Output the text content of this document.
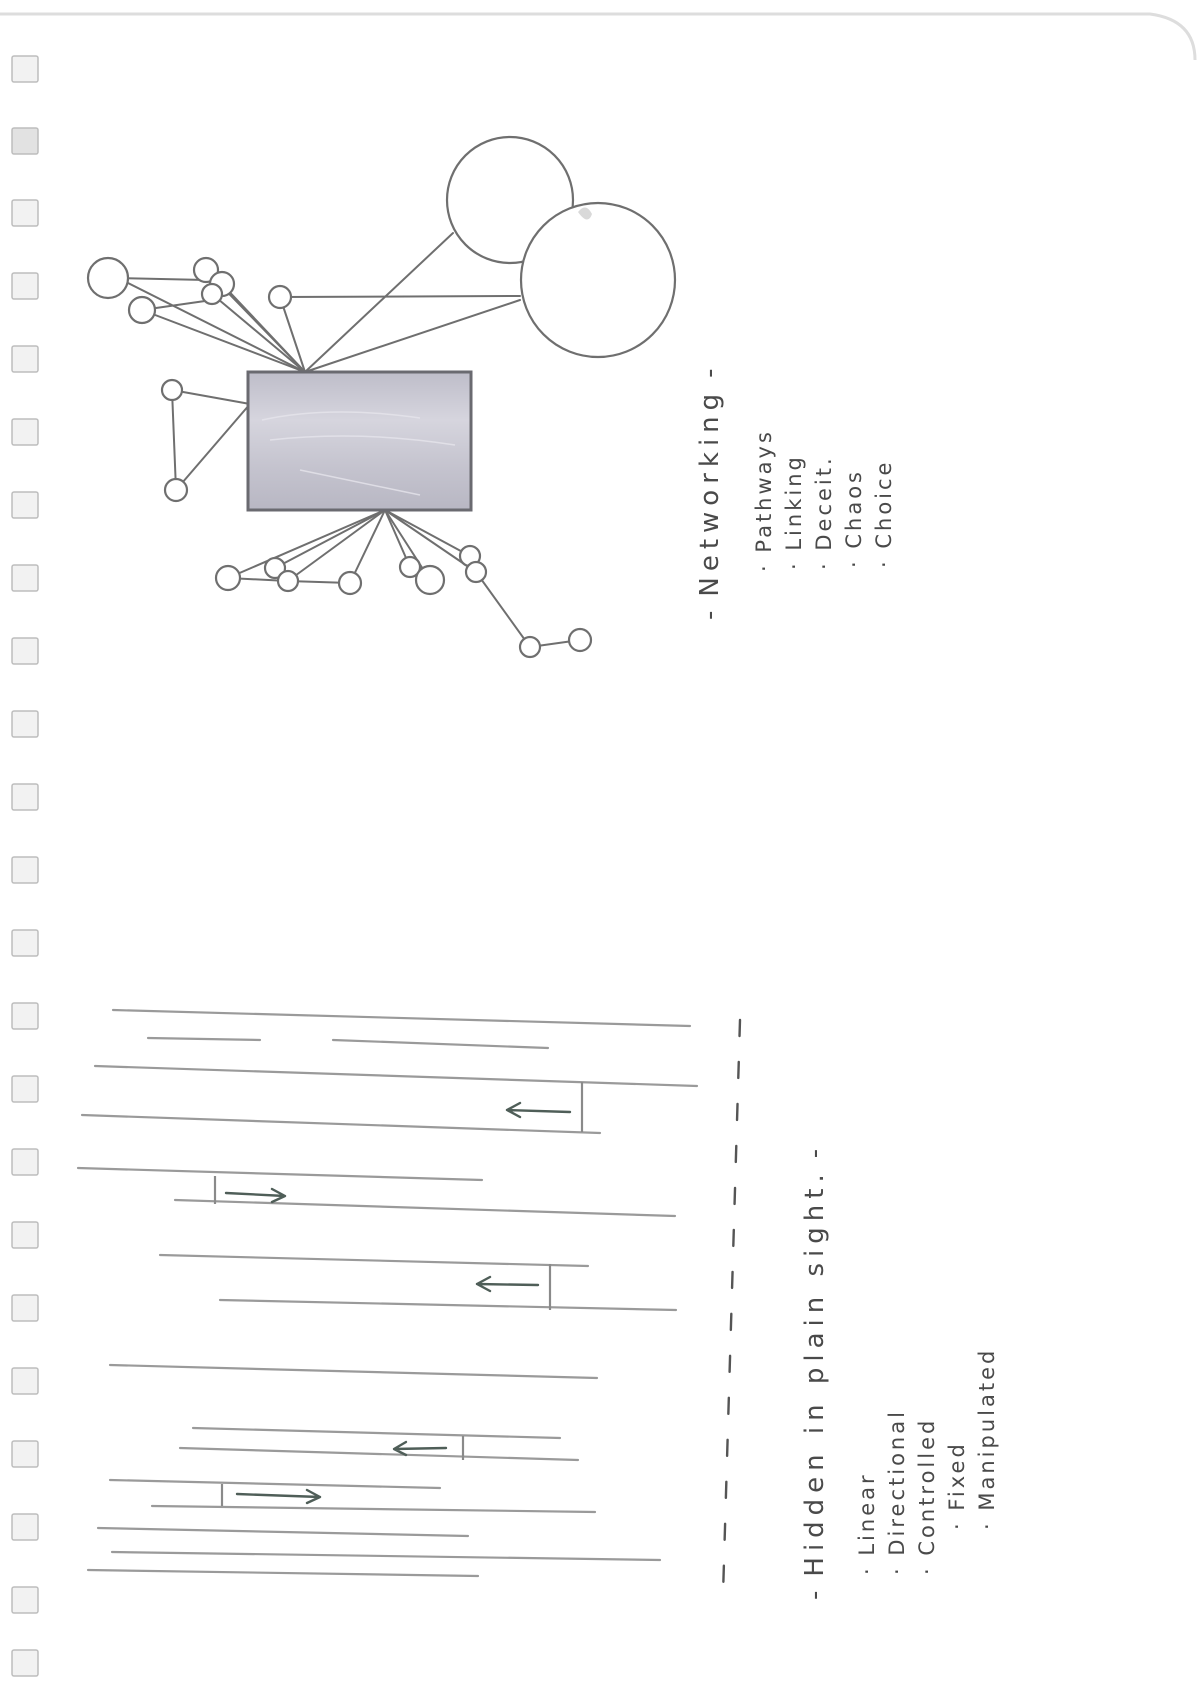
-Networking-
· Pathways
· Linking
· Deceit.
· Chaos
· Choice
-Hidden in plain sight.-
· Linear
· Directional
· Controlled · Fixed
· Manipulated
